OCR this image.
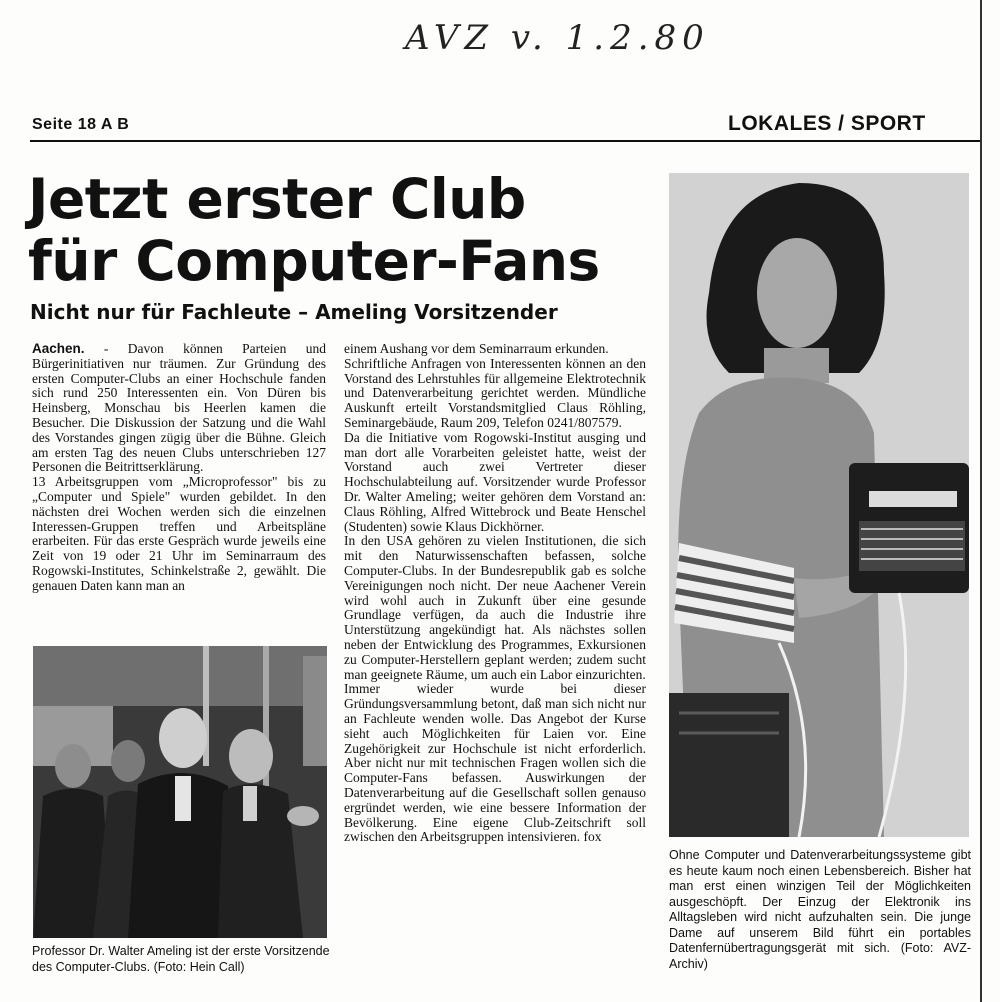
AVZ v. 1.2.80
Seite 18 A B	LOKALES / SPORT
Jetzt erster Club
für Computer-Fans
Nicht nur für Fachleute – Ameling Vorsitzender

Aachen. - Davon können Parteien und Bürgerinitiativen nur träumen. Zur Gründung des ersten Computer-Clubs an einer Hochschule fanden sich rund 250 Interessenten ein. Von Düren bis Heinsberg, Monschau bis Heerlen kamen die Besucher. Die Diskussion der Satzung und die Wahl des Vorstandes gingen zügig über die Bühne. Gleich am ersten Tag des neuen Clubs unterschrieben 127 Personen die Beitrittserklärung.

13 Arbeitsgruppen vom „Microprofessor" bis zu „Computer und Spiele" wurden gebildet. In den nächsten drei Wochen werden sich die einzelnen Interessen-Gruppen treffen und Arbeitspläne erarbeiten. Für das erste Gespräch wurde jeweils eine Zeit von 19 oder 21 Uhr im Seminarraum des Rogowski-Institutes, Schinkelstraße 2, gewählt. Die genauen Daten kann man an

Professor Dr. Walter Ameling ist der erste Vorsitzende des Computer-Clubs. (Foto: Hein Call)

einem Aushang vor dem Seminarraum erkunden.

Schriftliche Anfragen von Interessenten können an den Vorstand des Lehrstuhles für allgemeine Elektrotechnik und Datenverarbeitung gerichtet werden. Mündliche Auskunft erteilt Vorstandsmitglied Claus Röhling, Seminargebäude, Raum 209, Telefon 0241/807579.

Da die Initiative vom Rogowski-Institut ausging und man dort alle Vorarbeiten geleistet hatte, weist der Vorstand auch zwei Vertreter dieser Hochschulabteilung auf. Vorsitzender wurde Professor Dr. Walter Ameling; weiter gehören dem Vorstand an: Claus Röhling, Alfred Wittebrock und Beate Henschel (Studenten) sowie Klaus Dickhörner.

In den USA gehören zu vielen Institutionen, die sich mit den Naturwissenschaften befassen, solche Computer-Clubs. In der Bundesrepublik gab es solche Vereinigungen noch nicht. Der neue Aachener Verein wird wohl auch in Zukunft über eine gesunde Grundlage verfügen, da auch die Industrie ihre Unterstützung angekündigt hat. Als nächstes sollen neben der Entwicklung des Programmes, Exkursionen zu Computer-Herstellern geplant werden; zudem sucht man geeignete Räume, um auch ein Labor einzurichten.

Immer wieder wurde bei dieser Gründungsversammlung betont, daß man sich nicht nur an Fachleute wenden wolle. Das Angebot der Kurse sieht auch Möglichkeiten für Laien vor. Eine Zugehörigkeit zur Hochschule ist nicht erforderlich. Aber nicht nur mit technischen Fragen wollen sich die Computer-Fans befassen. Auswirkungen der Datenverarbeitung auf die Gesellschaft sollen genauso ergründet werden, wie eine bessere Information der Bevölkerung. Eine eigene Club-Zeitschrift soll zwischen den Arbeitsgruppen intensivieren. fox

Ohne Computer und Datenverarbeitungssysteme gibt es heute kaum noch einen Lebensbereich. Bisher hat man erst einen winzigen Teil der Möglichkeiten ausgeschöpft. Der Einzug der Elektronik ins Alltagsleben wird nicht aufzuhalten sein. Die junge Dame auf unserem Bild führt ein portables Datenfernübertragungsgerät mit sich. (Foto: AVZ-Archiv)
